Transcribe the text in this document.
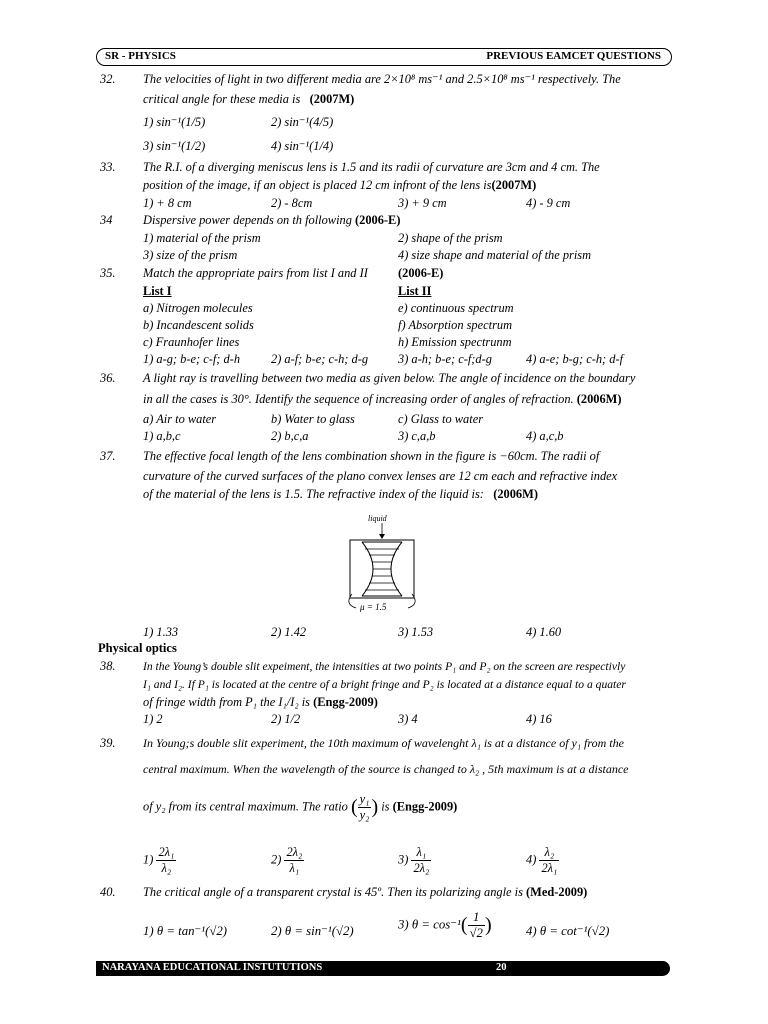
SR - PHYSICS	PREVIOUS EAMCET QUESTIONS
32. The velocities of light in two different media are 2×10⁸ ms⁻¹ and 2.5×10⁸ ms⁻¹ respectively. The
critical angle for these media is (2007M)
1) sin⁻¹(1/5)	2) sin⁻¹(4/5)
3) sin⁻¹(1/2)	4) sin⁻¹(1/4)
33. The R.I. of a diverging meniscus lens is 1.5 and its radii of curvature are 3cm and 4 cm. The
position of the image, if an object is placed 12 cm infront of the lens is(2007M)
1) + 8 cm	2) - 8cm	3) + 9 cm	4) - 9 cm
34 Dispersive power depends on th following (2006-E)
1) material of the prism	2) shape of the prism
3) size of the prism	4) size shape and material of the prism
35. Match the appropriate pairs from list I and II (2006-E)
List I	List II
a) Nitrogen molecules	e) continuous spectrum
b) Incandescent solids	f) Absorption spectrum
c) Fraunhofer lines	h) Emission spectrunm
1) a-g; b-e; c-f; d-h 2) a-f; b-e; c-h; d-g 3) a-h; b-e; c-f;d-g	4) a-e; b-g; c-h; d-f
36. A light ray is travelling between two media as given below. The angle of incidence on the boundary
in all the cases is 30°. Identify the sequence of increasing order of angles of refraction. (2006M)
a) Air to water	b) Water to glass	c) Glass to water
1) a,b,c	2) b,c,a	3) c,a,b	4) a,c,b
37. The effective focal length of the lens combination shown in the figure is −60cm. The radii of
curvature of the curved surfaces of the plano convex lenses are 12 cm each and refractive index
of the material of the lens is 1.5. The refractive index of the liquid is: (2006M)
liquid
μ = 1.5
1) 1.33	2) 1.42	3) 1.53	4) 1.60
Physical optics
38. In the Young’s double slit expeiment, the intensities at two points P₁ and P₂ on the screen are respectivly
I₁ and I₂. If P₁ is located at the centre of a bright fringe and P₂ is located at a distance equal to a quater
of fringe width from P₁ the I₁/I₂ is (Engg-2009)
1) 2	2) 1/2	3) 4	4) 16
39. In Young;s double slit experiment, the 10th maximum of wavelenght λ₁ is at a distance of y₁ from the
central maximum. When the wavelength of the source is changed to λ₂ , 5th maximum is at a distance
of y₂ from its central maximum. The ratio ( $\frac{\text{y₁}}{\text{y₂}}$ ) is (Engg-2009)
$1) \frac{\text{2λ₁}}{\text{λ₂}}$	$2) \frac{\text{2λ₂}}{\text{λ₁}}$	$3) \frac{\text{λ₁}}{\text{2λ₂}}$	$4) \frac{\text{λ₂}}{\text{2λ₁}}$
40. The critical angle of a transparent crystal is 45º. Then its polarizing angle is (Med-2009)
1) θ = tan⁻¹(√2)	2) θ = sin⁻¹(√2)	3) $\theta = \cos^{-1}( \frac{1}{√2}$ )	4) θ = cot⁻¹(√2)
NARAYANA EDUCATIONAL INSTUTUTIONS	20
